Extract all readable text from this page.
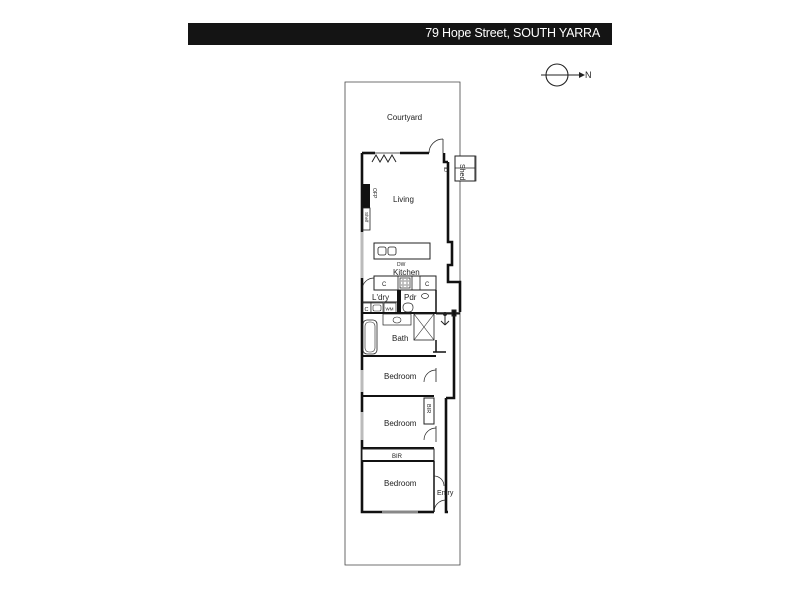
79 Hope Street, SOUTH YARRA
N
OFP
Shelf
C
DW
C	C
C	WM
BIR
BIR
Courtyard
Shed
Living
Kitchen
L'dry Pdr
Bath
Bedroom
Bedroom
Bedroom
Entry
